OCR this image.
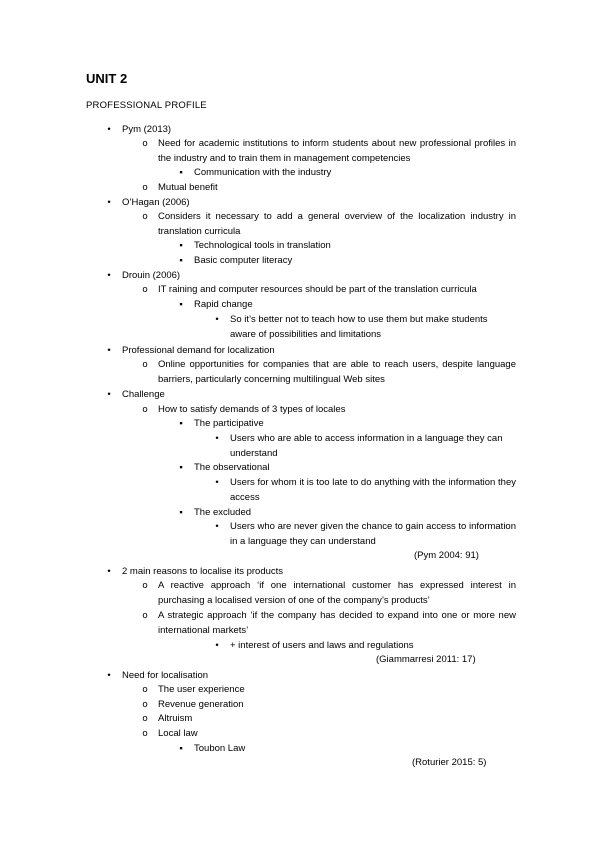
UNIT 2
PROFESSIONAL PROFILE
•	Pym (2013)
o Need for academic institutions to inform students about new professional profiles in the industry and to train them in management competencies
▪	Communication with the industry
o Mutual benefit
•	O’Hagan (2006)
o Considers it necessary to add a general overview of the localization industry in translation curricula
▪	Technological tools in translation
▪	Basic computer literacy
•	Drouin (2006)
o IT raining and computer resources should be part of the translation curricula
▪	Rapid change
•	So it’s better not to teach how to use them but make students aware of possibilities and limitations
•	Professional demand for localization
o Online opportunities for companies that are able to reach users, despite language barriers, particularly concerning multilingual Web sites
•	Challenge
o How to satisfy demands of 3 types of locales
▪	The participative
•	Users who are able to access information in a language they can understand
▪	The observational
•	Users for whom it is too late to do anything with the information they access
▪	The excluded
•	Users who are never given the chance to gain access to information in a language they can understand
(Pym 2004: 91)
•	2 main reasons to localise its products
o A reactive approach ‘if one international customer has expressed interest in purchasing a localised version of one of the company’s products’
o A strategic approach ‘if the company has decided to expand into one or more new international markets’
•	+ interest of users and laws and regulations
(Giammarresi 2011: 17)
•	Need for localisation
o The user experience
o Revenue generation
o Altruism
o Local law
▪	Toubon Law
(Roturier 2015: 5)
